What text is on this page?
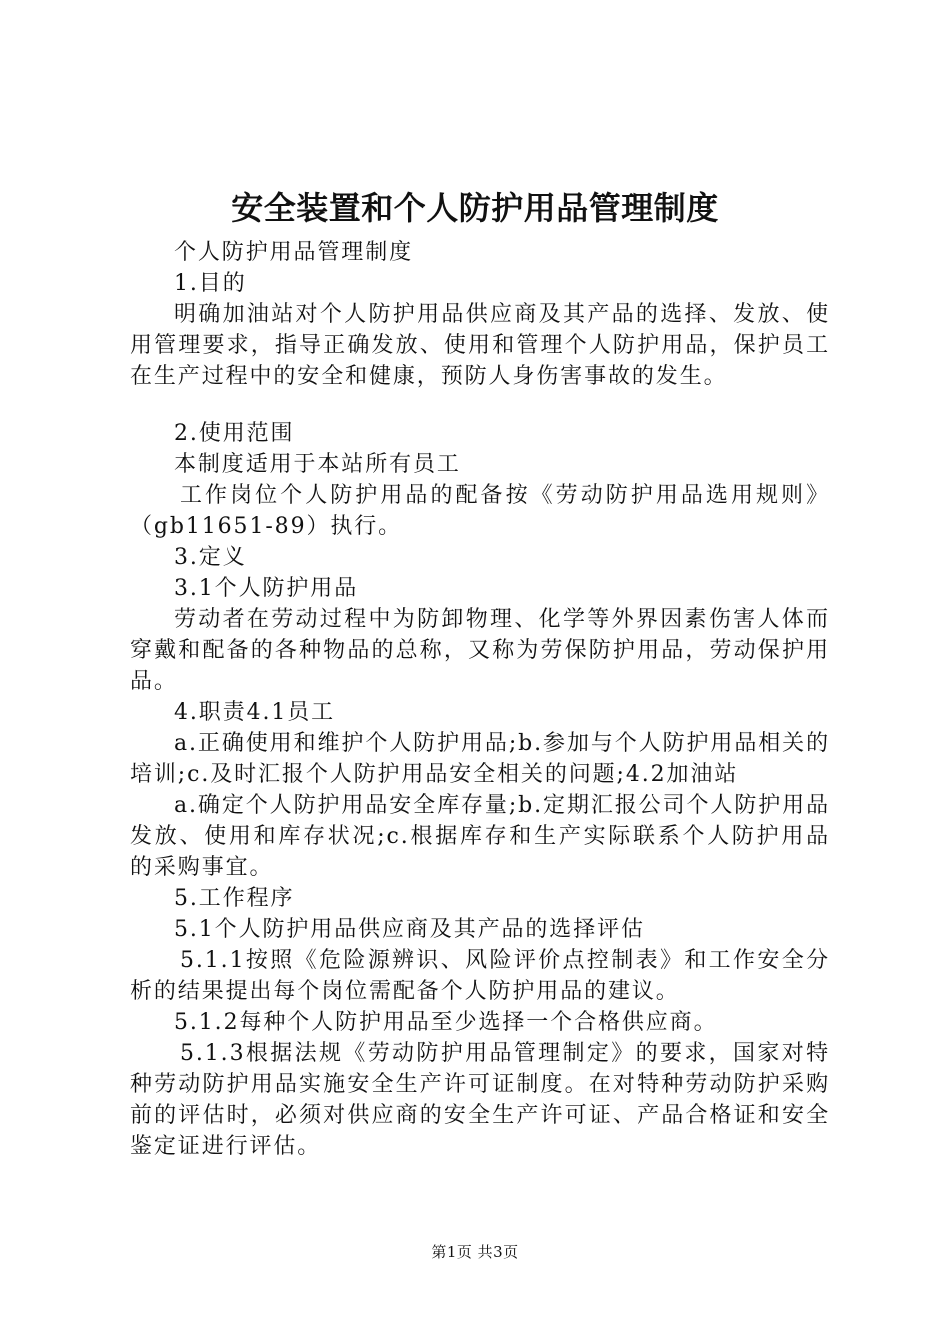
安全装置和个人防护用品管理制度

个人防护用品管理制度

1.目的

明确加油站对个人防护用品供应商及其产品的选择、发放、使用管理要求，指导正确发放、使用和管理个人防护用品，保护员工在生产过程中的安全和健康，预防人身伤害事故的发生。

2.使用范围

本制度适用于本站所有员工

工作岗位个人防护用品的配备按《劳动防护用品选用规则》（gb11651-89）执行。

3.定义

3.1个人防护用品

劳动者在劳动过程中为防卸物理、化学等外界因素伤害人体而穿戴和配备的各种物品的总称，又称为劳保防护用品，劳动保护用品。

4.职责4.1员工

a.正确使用和维护个人防护用品;b.参加与个人防护用品相关的培训;c.及时汇报个人防护用品安全相关的问题;4.2加油站

a.确定个人防护用品安全库存量;b.定期汇报公司个人防护用品发放、使用和库存状况;c.根据库存和生产实际联系个人防护用品的采购事宜。

5.工作程序

5.1个人防护用品供应商及其产品的选择评估

5.1.1按照《危险源辨识、风险评价点控制表》和工作安全分析的结果提出每个岗位需配备个人防护用品的建议。

5.1.2每种个人防护用品至少选择一个合格供应商。

5.1.3根据法规《劳动防护用品管理制定》的要求，国家对特种劳动防护用品实施安全生产许可证制度。在对特种劳动防护采购前的评估时，必须对供应商的安全生产许可证、产品合格证和安全鉴定证进行评估。

第1页 共3页
